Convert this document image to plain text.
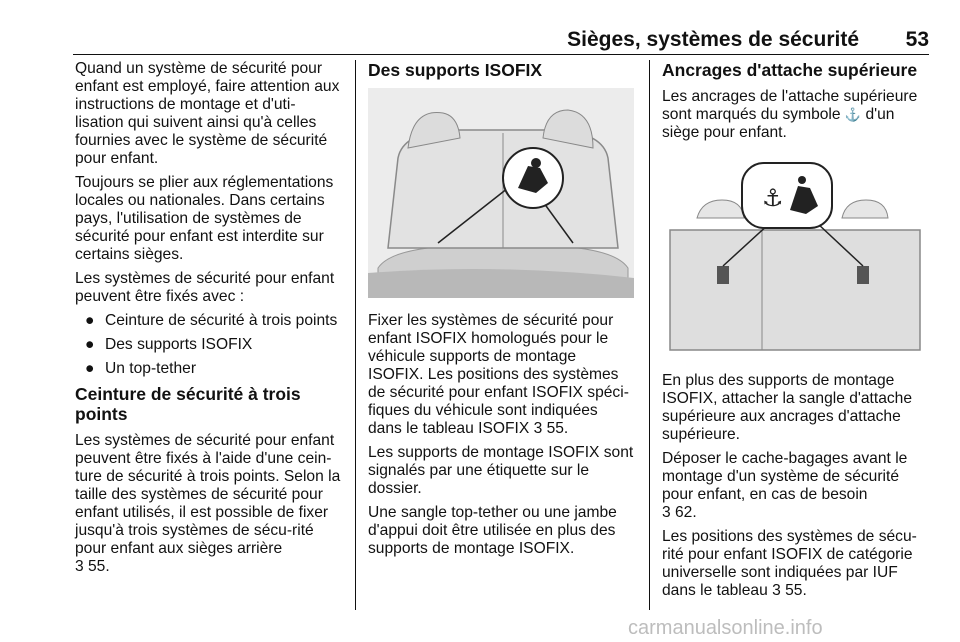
Sièges, systèmes de sécurité 53

Quand un système de sécurité pour enfant est employé, faire attention aux instructions de montage et d'uti-lisation qui suivent ainsi qu'à celles fournies avec le système de sécurité pour enfant.

Toujours se plier aux réglementations locales ou nationales. Dans certains pays, l'utilisation de systèmes de sécurité pour enfant est interdite sur certains sièges.

Les systèmes de sécurité pour enfant peuvent être fixés avec :

● Ceinture de sécurité à trois points
● Des supports ISOFIX
● Un top-tether
Ceinture de sécurité à trois points

Les systèmes de sécurité pour enfant peuvent être fixés à l'aide d'une cein-ture de sécurité à trois points. Selon la taille des systèmes de sécurité pour enfant utilisés, il est possible de fixer jusqu'à trois systèmes de sécu-rité pour enfant aux sièges arrière
3 55.

Des supports ISOFIX

Fixer les systèmes de sécurité pour enfant ISOFIX homologués pour le véhicule supports de montage ISOFIX. Les positions des systèmes de sécurité pour enfant ISOFIX spéci-fiques du véhicule sont indiquées dans le tableau ISOFIX 3 55.

Les supports de montage ISOFIX sont signalés par une étiquette sur le dossier.

Une sangle top-tether ou une jambe d'appui doit être utilisée en plus des supports de montage ISOFIX.

Ancrages d'attache supérieure

Les ancrages de l'attache supérieure sont marqués du symbole ⚓ d'un siège pour enfant.

⚓

En plus des supports de montage ISOFIX, attacher la sangle d'attache supérieure aux ancrages d'attache supérieure.

Déposer le cache-bagages avant le montage d'un système de sécurité pour enfant, en cas de besoin
3 62.

Les positions des systèmes de sécu-rité pour enfant ISOFIX de catégorie universelle sont indiquées par IUF dans le tableau 3 55.

carmanualsonline.info
